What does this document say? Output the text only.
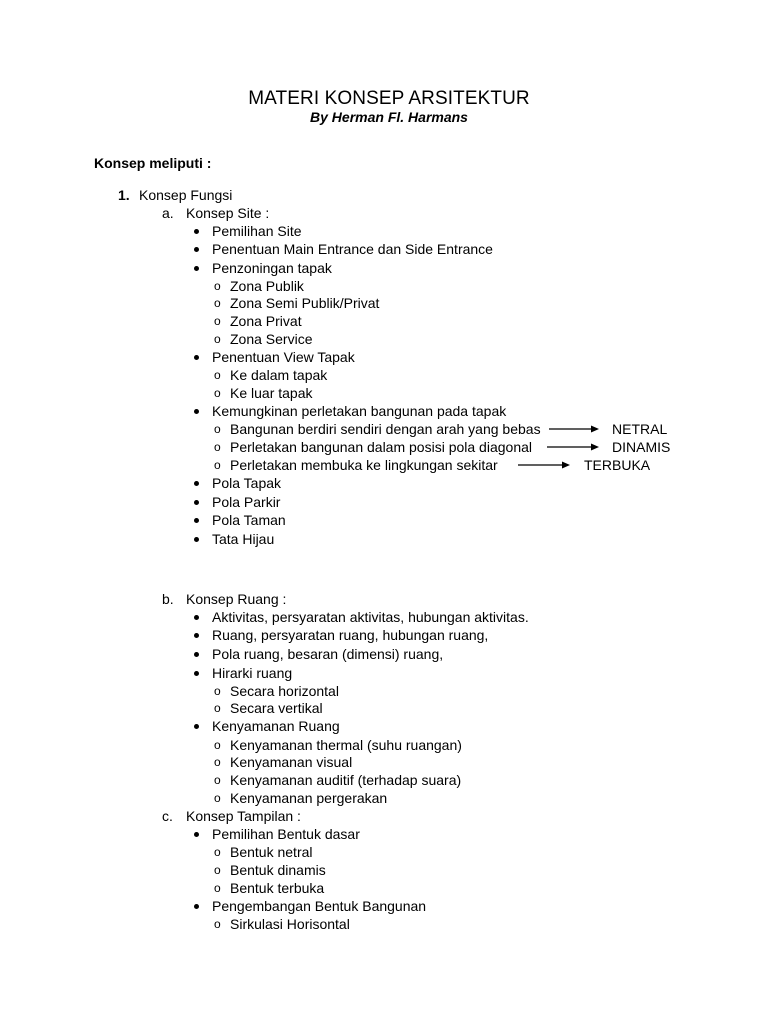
MATERI KONSEP ARSITEKTUR
By Herman Fl. Harmans
Konsep meliputi :
1. Konsep Fungsi
a. Konsep Site :
Pemilihan Site
Penentuan Main Entrance dan Side Entrance
Penzoningan tapak
o Zona Publik
o Zona Semi Publik/Privat
o Zona Privat
o Zona Service
Penentuan View Tapak
o Ke dalam tapak
o Ke luar tapak
Kemungkinan perletakan bangunan pada tapak
o Bangunan berdiri sendiri dengan arah yang bebas	NETRAL
o Perletakan bangunan dalam posisi pola diagonal	DINAMIS
o Perletakan membuka ke lingkungan sekitar	TERBUKA
Pola Tapak
Pola Parkir
Pola Taman
Tata Hijau
b. Konsep Ruang :
Aktivitas, persyaratan aktivitas, hubungan aktivitas.
Ruang, persyaratan ruang, hubungan ruang,
Pola ruang, besaran (dimensi) ruang,
Hirarki ruang
o Secara horizontal
o Secara vertikal
Kenyamanan Ruang
o Kenyamanan thermal (suhu ruangan)
o Kenyamanan visual
o Kenyamanan auditif (terhadap suara)
o Kenyamanan pergerakan
c. Konsep Tampilan :
Pemilihan Bentuk dasar
o Bentuk netral
o Bentuk dinamis
o Bentuk terbuka
Pengembangan Bentuk Bangunan
o Sirkulasi Horisontal
